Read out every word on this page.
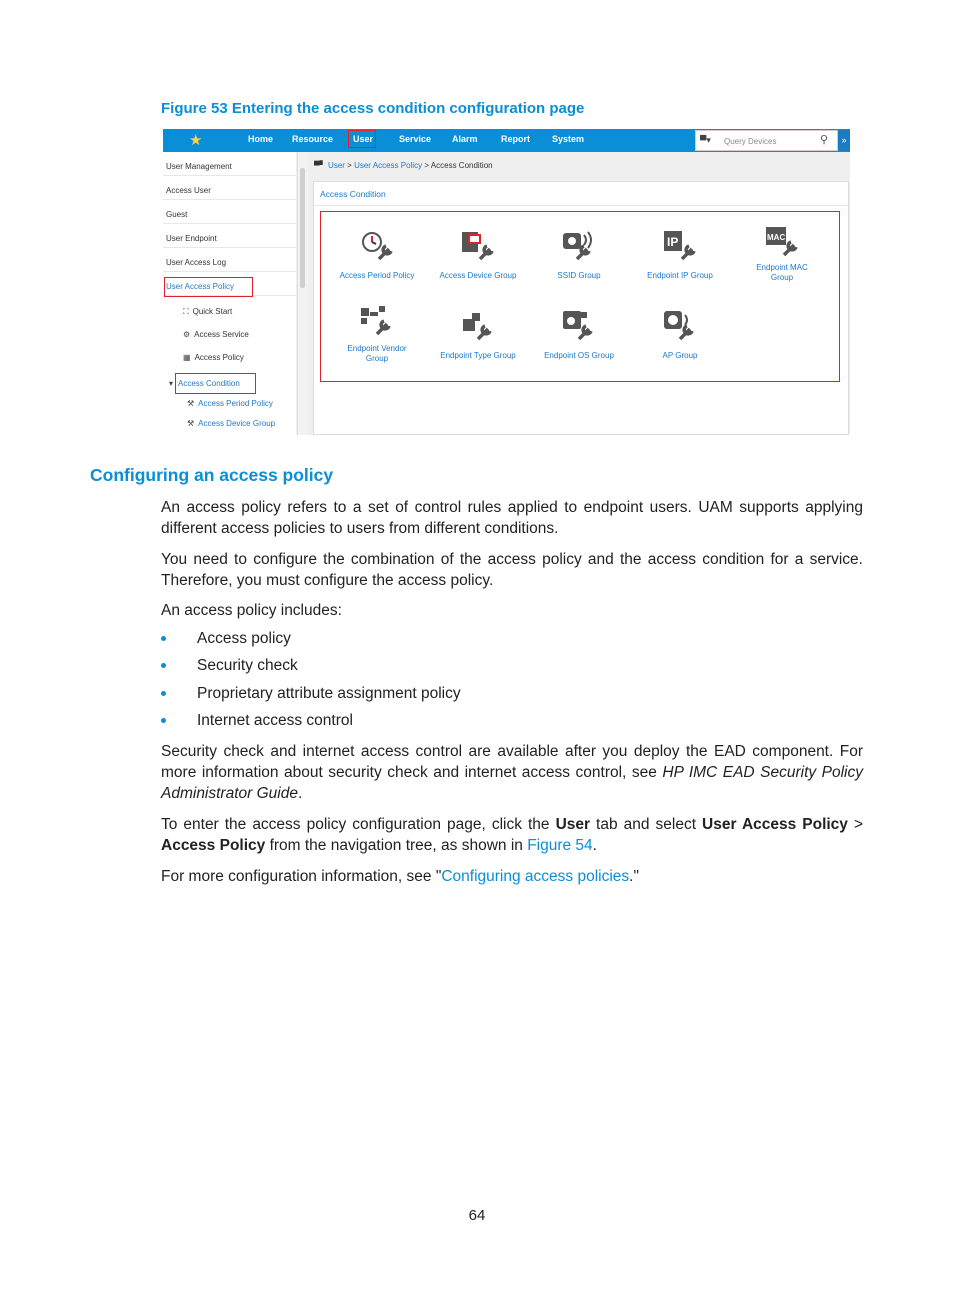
Figure 53 Entering the access condition configuration page
★	Home Resource User	Service Alarm	Report System	▀▾ Query Devices	⚲	»
User Management
Access User
Guest
User Endpoint
User Access Log
User Access Policy
⛶ Quick Start
⚙ Access Service
▦ Access Policy
▾ Access Condition
⚒ Access Period Policy
⚒ Access Device Group
▀▘ User > User Access Policy > Access Condition
Access Condition
Access Period Policy	Access Device Group	SSID Group
IP
Endpoint IP Group
MAC
Endpoint MAC Group
Endpoint Vendor Group	Endpoint Type Group	Endpoint OS Group	AP Group
Configuring an access policy
An access policy refers to a set of control rules applied to endpoint users. UAM supports applying different access policies to users from different conditions.
You need to configure the combination of the access policy and the access condition for a service. Therefore, you must configure the access policy.
An access policy includes:
Access policy
Security check
Proprietary attribute assignment policy
Internet access control
Security check and internet access control are available after you deploy the EAD component. For more information about security check and internet access control, see HP IMC EAD Security Policy Administrator Guide.
To enter the access policy configuration page, click the User tab and select User Access Policy > Access Policy from the navigation tree, as shown in Figure 54.
For more configuration information, see "Configuring access policies."
64
